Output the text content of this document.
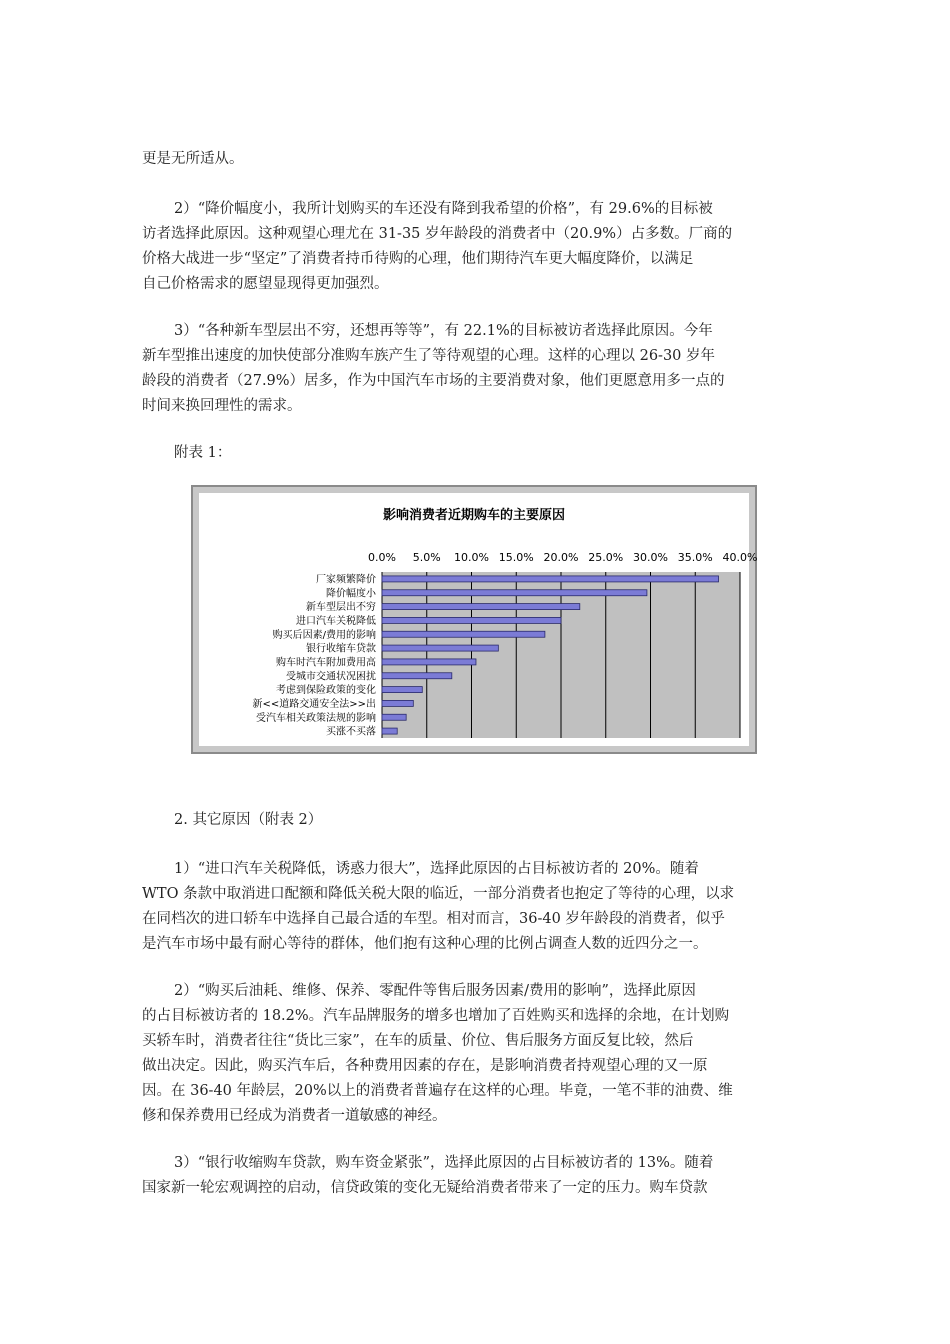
更是无所适从。

2）“降价幅度小，我所计划购买的车还没有降到我希望的价格”，有 29.6%的目标被
访者选择此原因。这种观望心理尤在 31-35 岁年龄段的消费者中（20.9%）占多数。厂商的
价格大战进一步“坚定”了消费者持币待购的心理，他们期待汽车更大幅度降价，以满足
自己价格需求的愿望显现得更加强烈。

3）“各种新车型层出不穷，还想再等等”，有 22.1%的目标被访者选择此原因。今年
新车型推出速度的加快使部分准购车族产生了等待观望的心理。这样的心理以 26-30 岁年
龄段的消费者（27.9%）居多，作为中国汽车市场的主要消费对象，他们更愿意用多一点的
时间来换回理性的需求。

附表 1：

影响消费者近期购车的主要原因
0.0% 5.0% 10.0% 15.0% 20.0% 25.0% 30.0% 35.0% 40.0%
厂家频繁降价
降价幅度小
新车型层出不穷
进口汽车关税降低
购买后因素/费用的影响
银行收缩车贷款
购车时汽车附加费用高
受城市交通状况困扰
考虑到保险政策的变化
新<<道路交通安全法>>出
受汽车相关政策法规的影响
买涨不买落

2. 其它原因（附表 2）

1）“进口汽车关税降低，诱惑力很大”，选择此原因的占目标被访者的 20%。随着
WTO 条款中取消进口配额和降低关税大限的临近，一部分消费者也抱定了等待的心理，以求
在同档次的进口轿车中选择自己最合适的车型。相对而言，36-40 岁年龄段的消费者，似乎
是汽车市场中最有耐心等待的群体，他们抱有这种心理的比例占调查人数的近四分之一。

2）“购买后油耗、维修、保养、零配件等售后服务因素/费用的影响”，选择此原因
的占目标被访者的 18.2%。汽车品牌服务的增多也增加了百姓购买和选择的余地，在计划购
买轿车时，消费者往往“货比三家”，在车的质量、价位、售后服务方面反复比较，然后
做出决定。因此，购买汽车后，各种费用因素的存在，是影响消费者持观望心理的又一原
因。在 36-40 年龄层，20%以上的消费者普遍存在这样的心理。毕竟，一笔不菲的油费、维
修和保养费用已经成为消费者一道敏感的神经。

3）“银行收缩购车贷款，购车资金紧张”，选择此原因的占目标被访者的 13%。随着
国家新一轮宏观调控的启动，信贷政策的变化无疑给消费者带来了一定的压力。购车贷款
